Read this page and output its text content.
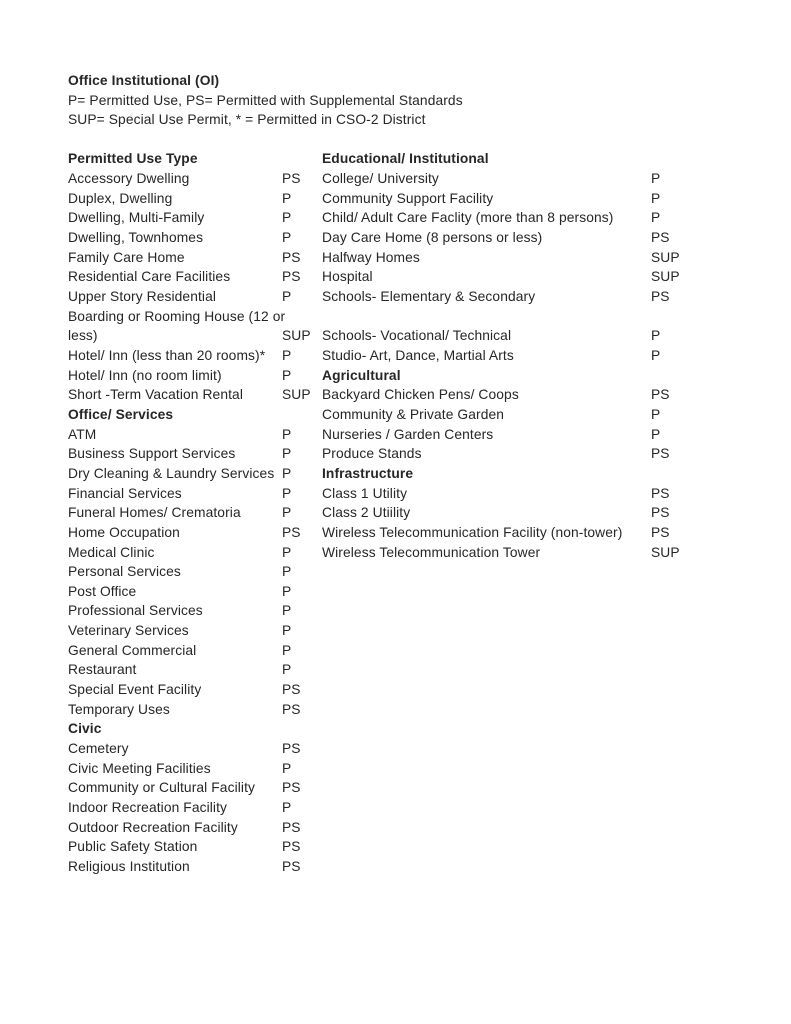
Office Institutional (OI)
P= Permitted Use, PS= Permitted with Supplemental Standards
SUP= Special Use Permit, * = Permitted in CSO-2 District
Permitted Use Type	Educational/ Institutional
Accessory Dwelling	PS	College/ University	P
Duplex, Dwelling	P	Community Support Facility	P
Dwelling, Multi-Family	P	Child/ Adult Care Faclity (more than 8 persons)	P
Dwelling, Townhomes	P	Day Care Home (8 persons or less)	PS
Family Care Home	PS	Halfway Homes	SUP
Residential Care Facilities	PS	Hospital	SUP
Upper Story Residential	P	Schools- Elementary & Secondary	PS
Boarding or Rooming House (12 or
less)	SUP Schools- Vocational/ Technical	P
Hotel/ Inn (less than 20 rooms)*	P	Studio- Art, Dance, Martial Arts	P
Hotel/ Inn (no room limit)	P	Agricultural
Short -Term Vacation Rental	SUP Backyard Chicken Pens/ Coops	PS
Office/ Services	Community & Private Garden	P
ATM	P	Nurseries / Garden Centers	P
Business Support Services	P	Produce Stands	PS
Dry Cleaning & Laundry Services P	Infrastructure
Financial Services	P	Class 1 Utility	PS
Funeral Homes/ Crematoria	P	Class 2 Utiility	PS
Home Occupation	PS	Wireless Telecommunication Facility (non-tower)	PS
Medical Clinic	P	Wireless Telecommunication Tower	SUP
Personal Services	P
Post Office	P
Professional Services	P
Veterinary Services	P
General Commercial	P
Restaurant	P
Special Event Facility	PS
Temporary Uses	PS
Civic
Cemetery	PS
Civic Meeting Facilities	P
Community or Cultural Facility	PS
Indoor Recreation Facility	P
Outdoor Recreation Facility	PS
Public Safety Station	PS
Religious Institution	PS
